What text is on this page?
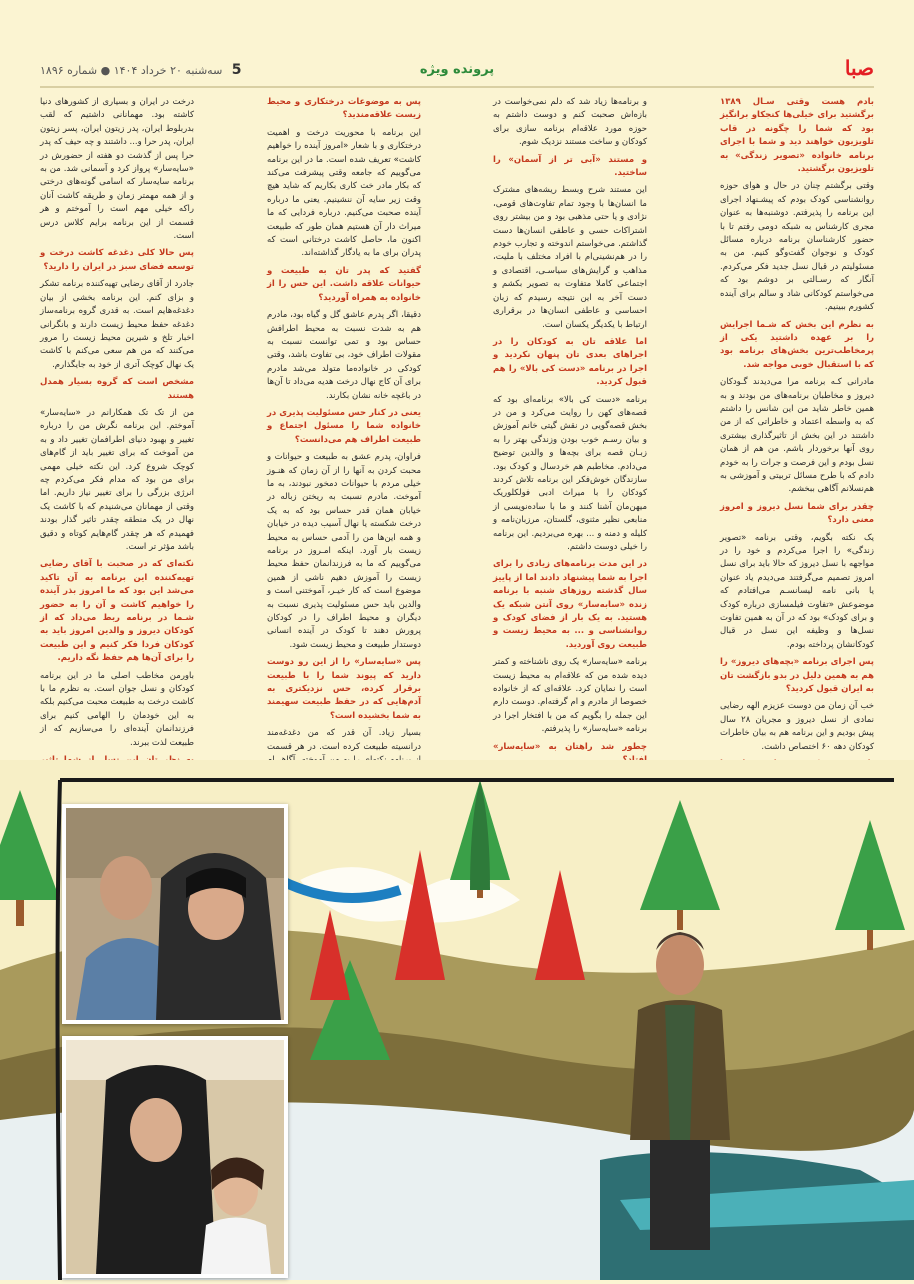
صبا
پرونده ویژه
5 سه‌شنبه ۲۰ خرداد ۱۴۰۴ ● شماره ۱۸۹۶

بادم هست وقتی سـال ۱۳۸۹ برگشتید برای خیلی‌ها کنجکاو برانگیز بود که شما را چگونه در قاب تلویزیون خواهند دید و شما با اجرای برنامه خانواده «تصویر زندگی» به تلویزیون برگشتید.

وقتی برگشتم چنان در حال و هوای حوزه روانشناسی کودک بودم که پیشـنهاد اجرای این برنامه را پذیرفتم. دوشنبه‌ها به عنوان مجری کارشناس به شبکه دومی رفتم تا با حضور کارشناسان برنامه درباره مسائل کودک و نوجوان گفت‌وگو کنیم. من به مسئولیتم در قبال نسل جدید فکر می‌کردم. آنگار که رسـالتی بر دوشم بود که می‌خواستم کودکانی شاد و سالم برای آینده کشورم ببینیم.

به نظرم این بخش که شـما اجرایش را بر عهده داشتید یکی از پرمخاطب‌ترین بخش‌های برنامه بود که با استقبال خوبی مواجه شد.

مادرانی کـه برنامه مرا می‌دیدند گـودکان دیروز و مخاطبان برنامه‌های من بودند و به همین خاطر شاید من این شانس را داشتم که به واسطه اعتماد و خاطراتی که از من داشتند در این بخش از تاثیرگذاری بیشتری روی آنها برخوردار باشم. من هم از همان نسل بودم و این فرصت و جرات را به خودم دادم که با طرح مسائل تربیتی و آموزشی به هم‌نسلانم آگاهی ببخشم.

چقدر برای شما نسل دیروز و امروز معنی دارد؟

یک نکته بگویم، وقتی برنامه «تصویر زندگی» را اجرا می‌کردم و خود را در مواجهه با نسل دیروز که حالا باید برای نسل امروز تصمیم می‌گرفتند می‌دیدم یاد عنوان یا بانی نامه لیسانسـم می‌افتادم که موضوعش «تفاوت فیلمسازی درباره کودک و برای کودک» بود که در آن به همین تفاوت نسل‌ها و وظیفه این نسل در قبال کودکانشان پرداخته بودم.

پس اجرای برنامه «بچه‌های دیروز» را هم به همین دلیل در بدو بازگشت تان به ایران قبول کردید؟

خب آن زمان من دوست عزیزم الهه رضایی نمادی از نسل دیروز و مجریان ۲۸ سال پیش بودیم و این برنامه هم به بیان خاطرات کودکان دهه ۶۰ اختصاص داشت.

و برنامه‌ها زیاد شد که دلم نمی‌خواست در بازه‌اش صحبت کنم و دوست داشتم به حوزه مورد علاقه‌ام برنامه سازی برای کودکان و ساخت مستند نزدیک شوم.

و مستند «آبی تر از آسمان» را ساختید.

این مستند شرح وبسط ریشه‌های مشترک ما انسان‌ها با وجود تمام تفاوت‌های قومی، نژادی و یا حتی مذهبی بود و من بیشتر روی اشتراکات حسی و عاطفی انسان‌ها دست گذاشتم. می‌خواستم اندوخته و تجارب خودم را در هم‌نشینی‌ام با افراد مختلف با ملیت، مذاهب و گرایش‌های سیاسـی، اقتصادی و اجتماعی کاملا متفاوت به تصویر بکشم و دست آخر به این نتیجه رسیدم که زبان احساسی و عاطفی انسان‌ها در برقراری ارتباط با یکدیگر یکسان است.

اما علاقه تان به کودکان را در اجراهای بعدی تان پنهان نکردید و اجرا در برنامه «دست کی بالا» را هم قبول کردید.

برنامه «دست کی بالا» برنامه‌ای بود که قصه‌های کهن را روایت می‌کرد و من در بخش قصه‌گویی در نقش گیتی خانم آموزش و بیان رسـم خوب بودن وزندگی بهتر را به زبـان قصه برای بچه‌ها و والدین توضیح می‌دادم. مخاطبم هم خردسال و کودک بود. سازندگان خوش‌فکر این برنامه تلاش کردند کودکان را با میراث ادبی فولکلوریک میهن‌مان آشنا کنند و ما با ساده‌نویسی از منابعی نظیر مثنوی، گلستان، مرزبان‌نامه و کلیله و دمنه و ... بهره می‌بردیم. این برنامه را خیلی دوست داشتم.

در این مدت برنامه‌های زیادی را برای اجرا به شما پیشنهاد دادند اما از پاییز سال گذشته روزهای شنبه با برنامه زنده «سابه‌سار» روی آنتن شبکه یک هستید. به یک بار از فضای کودک و روانشناسی و ... به محیط زیست و طبیعت روی آوردید.

برنامه «سایه‌سار» یک روی ناشناخته و کمتر دیده شده من که علاقه‌ام به محیط زیست است را نمایان کرد. علاقه‌ای که از خانواده خصوصا از مادرم و ام گرفته‌ام. دوست دارم این جمله را بگویم که من با افتخار اجرا در برنامه «سایه‌سار» را پذیرفتم.

چطور شد راهتان به «سایه‌سار»

پس به موضوعات درختکاری و محیط زیست علاقه‌مندید؟

این برنامه با محوریت درخت و اهمیت درختکاری و با شعار «امروز آینده را خواهیم کاشت» تعریف شده است. ما در این برنامه می‌گوییم که جامعه وقتی پیشرفت می‌کند که بکار مادر خت کاری بکاریم که شاید هیچ وقت زیر سایه آن ننشینیم. یعنی ما درباره آینده صحبت می‌کنیم. درباره فردایی که ما میراث دار آن هستیم همان طور که طبیعت اکنون ما، حاصل کاشت درختانی است که پدران برای ما به یادگار گذاشته‌اند.

گفتید که پدر تان به طبیعت و حیوانات علاقه داشت. این حس را از خانواده به همراه آورديد؟

دقیقا، اگر پدرم عاشق گل و گیاه بود، مادرم هم به شدت نسبت به محیط اطرافش حساس بود و تمی توانست نسبت به مقولات اطراف خود، بی تفاوت باشد، وقتی کودکی در خانواده‌ما متولد می‌شد مادرم برای آن کاج نهال درخت هدیه می‌داد تا آن‌ها در باغچه خانه نشان بکارند.

یعنی در کنار حس مسئولیت پذیری در خانواده شما را مسئول اجتماع و طبیعت اطراف هم می‌دانست؟

فراوان، پدرم عشق به طبیعت و حیوانات و محبت کردن به آنها را از آن زمان که هنـوز خیلی مردم با حیوانات دمخور نبودند، به ما آموخت. مادرم نسبت به ریختن زباله در خیابان همان قدر حساس بود که به یک درخت شکسته یا نهال آسیب دیده در خیابان و همه این‌ها من را آدمی حساس به محیط زیست بار آورد. اینکه امـروز در برنامه می‌گوییم که ما به فرزندانمان حفظ محیط زیست را آموزش دهیم ناشی از همین موضوع است که کار خیـر، آموختنی است و والدین باید حس مسئولیت پذیری نسبت به دیگران و محیط اطراف را در کودکان پرورش دهند تا کودک در آینده انسانی دوستدار طبیعت و محیط زیست شود.

پس «سایه‌سار» را از این رو دوست دارید که پیوند شما را با طبیعت برقرار کرده، حس نزدیکتری به آدم‌هایی که در حفظ طبیعت سهیمند به شما بخشیده است؟

بسیار زیاد. آن قدر که من دغدغه‌مند درانسیته طبیعت کرده است. در هر قسمت

درخت در ایران و بسیاری از کشورهای دنیا کاشته بود. مهمانانی داشتیم که لقب بدربلوط ایران، پدر زیتون ایران، پسر زیتون ایران، پدر حرا و... داشتند و چه حیف که پدر حرا پس از گذشت دو هفته از حضورش در «سایه‌سار» پرواز کرد و آسمانی شد. من به برنامه سایه‌سار که اسامی گونه‌های درختی و از همه مهمتر زمان و طریقه کاشت آنان راکه خیلی مهم است را آموختم و هر قسمت از این برنامه برایم کلاس درس است.

پس حالا کلی دغدغه کاشت درخت و توسعه فضای سبز در ایران را دارید؟

جادرد از آقای رضایی تهیه‌کننده برنامه تشکر و بزای کنم. این برنامه بخشی از بیان دغدغه‌هایم است. به قدری گروه برنامه‌ساز دغدغه حفظ محیط زیست دارند و بانگرانی اخبار تلخ و شیرین محیط زیست را مرور می‌کنند که من هم سعی می‌کنم با کاشت یک نهال کوچک آتری از خود به جایگذارم.

مشخص است که گروه بسیار همدل هستند

من از تک تک همکارانم در «سایه‌سار» آموختم. این برنامه نگرش من را درباره تغییر و بهبود دنیای اطرافمان تغییر داد و به من آموخت که برای تغییر باید از گام‌های کوچک شروع کرد. این نکته خیلی مهمی برای من بود که مدام فکر می‌کردم چه انرژی بزرگی را برای تغییر نیاز داریم. اما وقتی از مهمانان می‌شنیدم که با کاشت یک نهال در یک منطقه چقدر تاثیر گذار بودند فهمیدم که هر چقدر گام‌هایم کوتاه و دقیق باشد مؤثر تر است.

نکته‌ای که در صحبت با آقای رضایی تهیه‌کننده این برنامه به آن تاکید می‌شد این بود که ما امروز بذر آینده را خواهیم کاشت و آن را به حضور شـما در برنامه ربط می‌داد که از کودکان دیروز و والدین امروز باید به کودکان فردا فکر کنیم و این طبیعت را برای آن‌ها هم حفظ نگه داریم.

باورمن مخاطب اصلی ما در این برنامه کودکان و نسل جوان است. به نظرم ما با کاشت درخت به طبیعت محبت می‌کنیم بلکه به این خودمان را الهامی کنیم برای فرزندانمان آینده‌ای را می‌سازیم که از طبیعت لذت ببرند.
